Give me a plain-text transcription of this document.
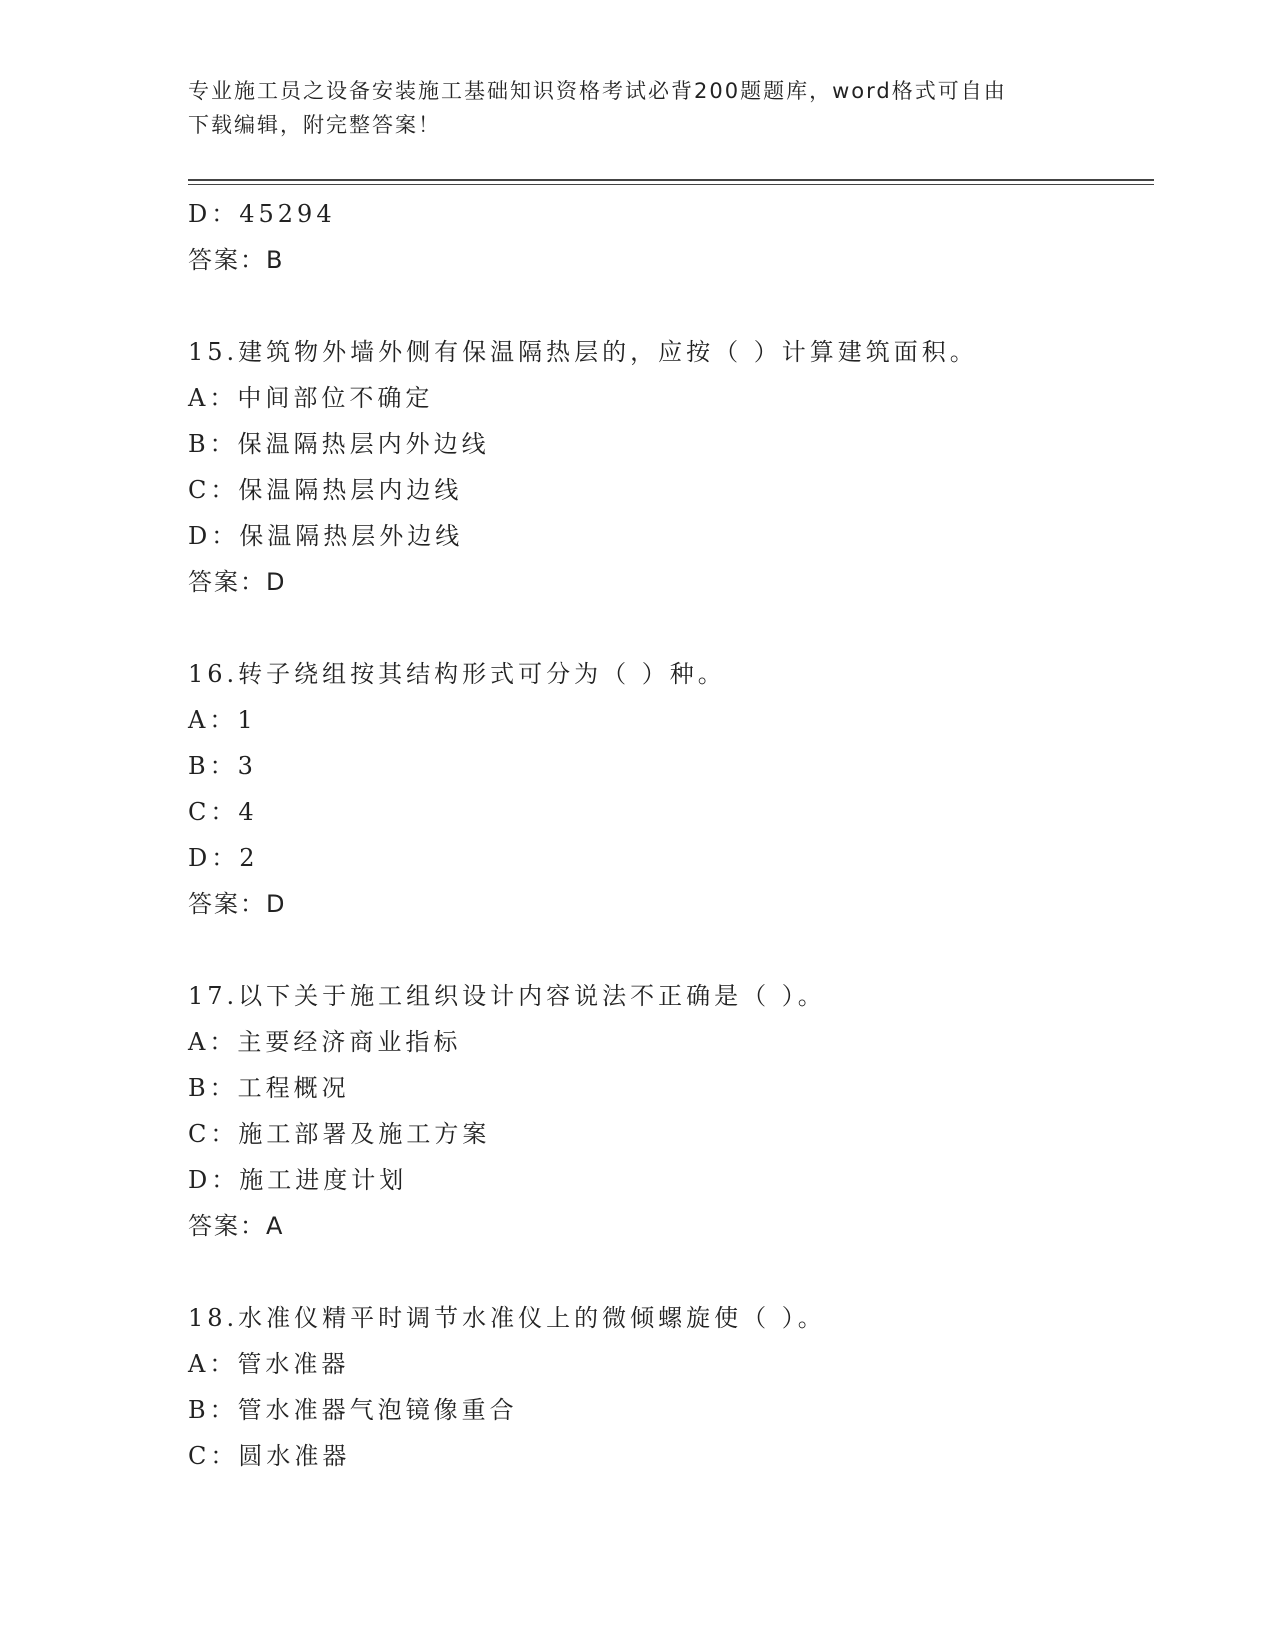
专业施工员之设备安装施工基础知识资格考试必背200题题库，word格式可自由
下载编辑，附完整答案！
D：45294
答案：B
15.建筑物外墙外侧有保温隔热层的，应按（ ）计算建筑面积。
A：中间部位不确定
B：保温隔热层内外边线
C：保温隔热层内边线
D：保温隔热层外边线
答案：D
16.转子绕组按其结构形式可分为（ ）种。
A：1
B：3
C：4
D：2
答案：D
17.以下关于施工组织设计内容说法不正确是（ ）。
A：主要经济商业指标
B：工程概况
C：施工部署及施工方案
D：施工进度计划
答案：A
18.水准仪精平时调节水准仪上的微倾螺旋使（ ）。
A：管水准器
B：管水准器气泡镜像重合
C：圆水准器
